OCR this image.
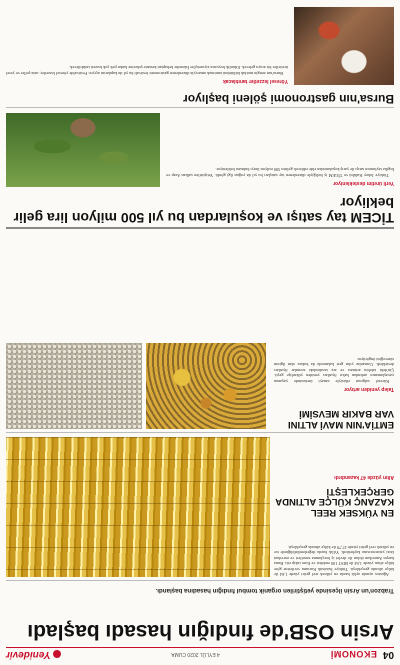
04
EKONOMİ
4 EYLÜL 2020 CUMA
Yenidevir
Arsin OSB'de fındığın hasadı başladı
Trabzon'un Arsin ilçesinde yetiştirilen organik tombul fındığın hasadına başlandı.

Ağustos ayında aylık bazda en yüksek reel getiri yüzde 1,64 ile külçe altında gerçekleşti. Türkiye İstatistik Kurumu verilerine göre külçe altını yüzde 1,64 ile BIST 100 endeksi ve Euro takip etti. Buna karşın Amerikan doları ile devlet iç borçlanma senetleri ve mevduat faizi yatırımcısına kaybettirdi. Yıllık bazda değerlendirildiğinde ise en yüksek reel getiri yüzde 47,79 ile külçe altında gerçekleşti.

EN YÜKSEK REEL KAZANÇ KÜLÇE ALTINDA GERÇEKLEŞTİ
Altın yüzde 47 kazandırdı
EMTİA'NIN MAVİ ALTINI VAR BAKIR MEVSİMİ
Talep yeniden artıyor

Küresel salgının etkisiyle sanayi üretiminde yaşanan yavaşlamanın ardından bakır fiyatları yeniden yükselişe geçti. Çin'deki talebin artması ve arz tarafındaki sorunlar fiyatları destekledi. Uzmanlar yılın geri kalanında da bakıra olan ilginin süreceğini öngörüyor.

TİCEM tay satışı ve koşulardan bu yıl 500 milyon lira gelir bekliyor
Yerli üretim destekleniyor

Türkiye Jokey Kulübü ve TİGEM iş birliğiyle düzenlenen tay satışları bu yıl da yoğun ilgi gördü. Yetiştirilen safkan Arap ve İngiliz taylarının satışı ile yarış koşularından elde edilecek gelirin 500 milyon lirayı bulması bekleniyor.

Bursa'nın gastronomi şöleni başlıyor
Yöresel lezzetler tanıtılacak

Bursa'nın zengin mutfak kültürünü tanıtmak amacıyla düzenlenen gastronomi festivali bu yıl da kapılarını açıyor. Festivalde yöresel lezzetler, usta şefler ve yerel üreticiler bir araya gelecek. Etkinlik boyunca ziyaretçiler İskender kebaptan kestane şekerine kadar pek çok lezzeti tadabilecek.
